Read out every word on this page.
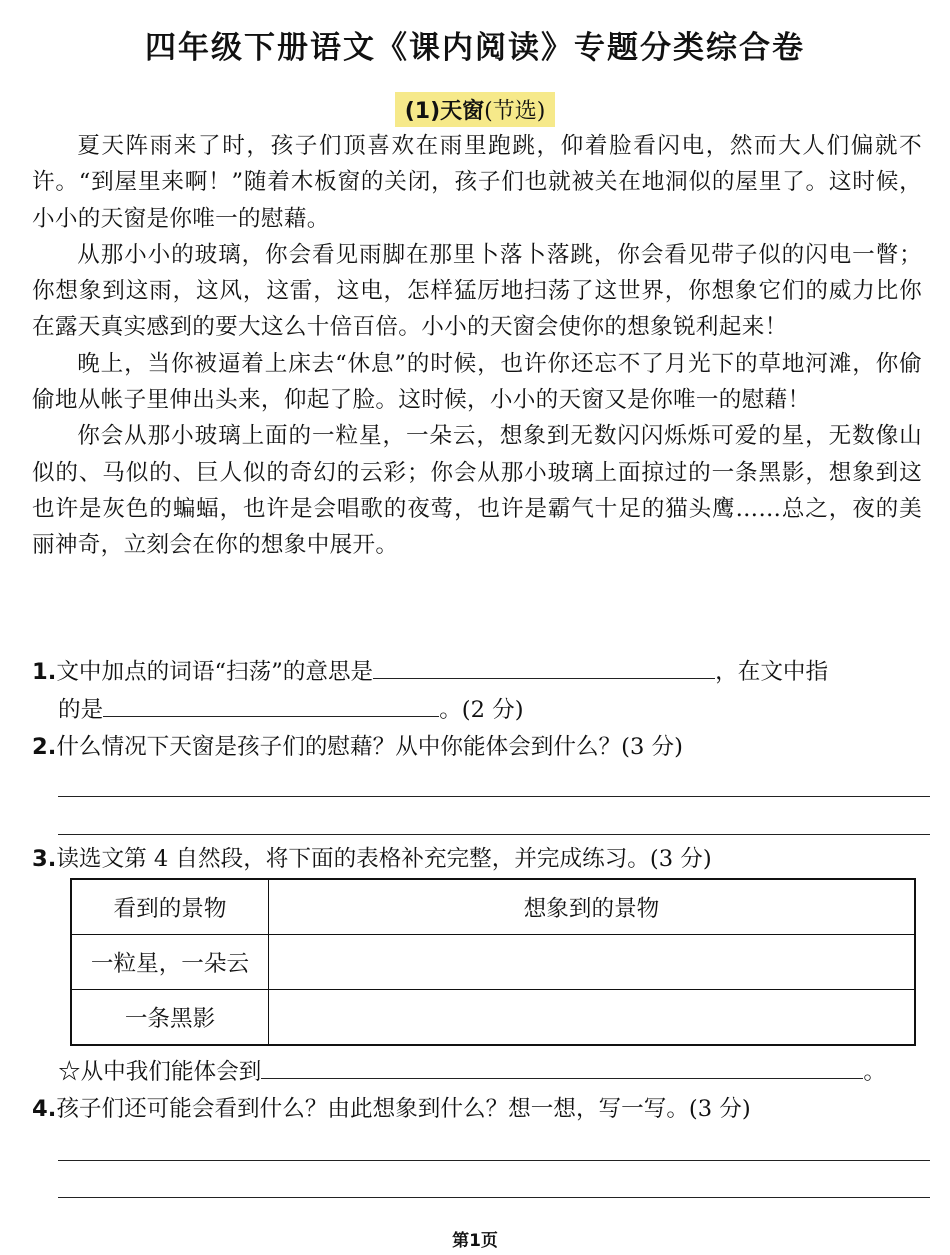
四年级下册语文《课内阅读》专题分类综合卷
(1)天窗(节选)

夏天阵雨来了时，孩子们顶喜欢在雨里跑跳，仰着脸看闪电，然而大人们偏就不许。“到屋里来啊！”随着木板窗的关闭，孩子们也就被关在地洞似的屋里了。这时候，小小的天窗是你唯一的慰藉。

从那小小的玻璃，你会看见雨脚在那里卜落卜落跳，你会看见带子似的闪电一瞥；你想象到这雨，这风，这雷，这电，怎样猛厉地扫荡了这世界，你想象它们的威力比你在露天真实感到的要大这么十倍百倍。小小的天窗会使你的想象锐利起来！

晚上，当你被逼着上床去“休息”的时候，也许你还忘不了月光下的草地河滩，你偷偷地从帐子里伸出头来，仰起了脸。这时候，小小的天窗又是你唯一的慰藉！

你会从那小玻璃上面的一粒星，一朵云，想象到无数闪闪烁烁可爱的星，无数像山似的、马似的、巨人似的奇幻的云彩；你会从那小玻璃上面掠过的一条黑影，想象到这也许是灰色的蝙蝠，也许是会唱歌的夜莺，也许是霸气十足的猫头鹰……总之，夜的美丽神奇，立刻会在你的想象中展开。

1.文中加点的词语“扫荡”的意思是	，在文中指
的是	。(2 分)
2.什么情况下天窗是孩子们的慰藉？从中你能体会到什么？(3 分)
3.读选文第 4 自然段，将下面的表格补充完整，并完成练习。(3 分)
看到的景物	想象到的景物
一粒星，一朵云	
一条黑影	
☆从中我们能体会到	。
4.孩子们还可能会看到什么？由此想象到什么？想一想，写一写。(3 分)
第1页
